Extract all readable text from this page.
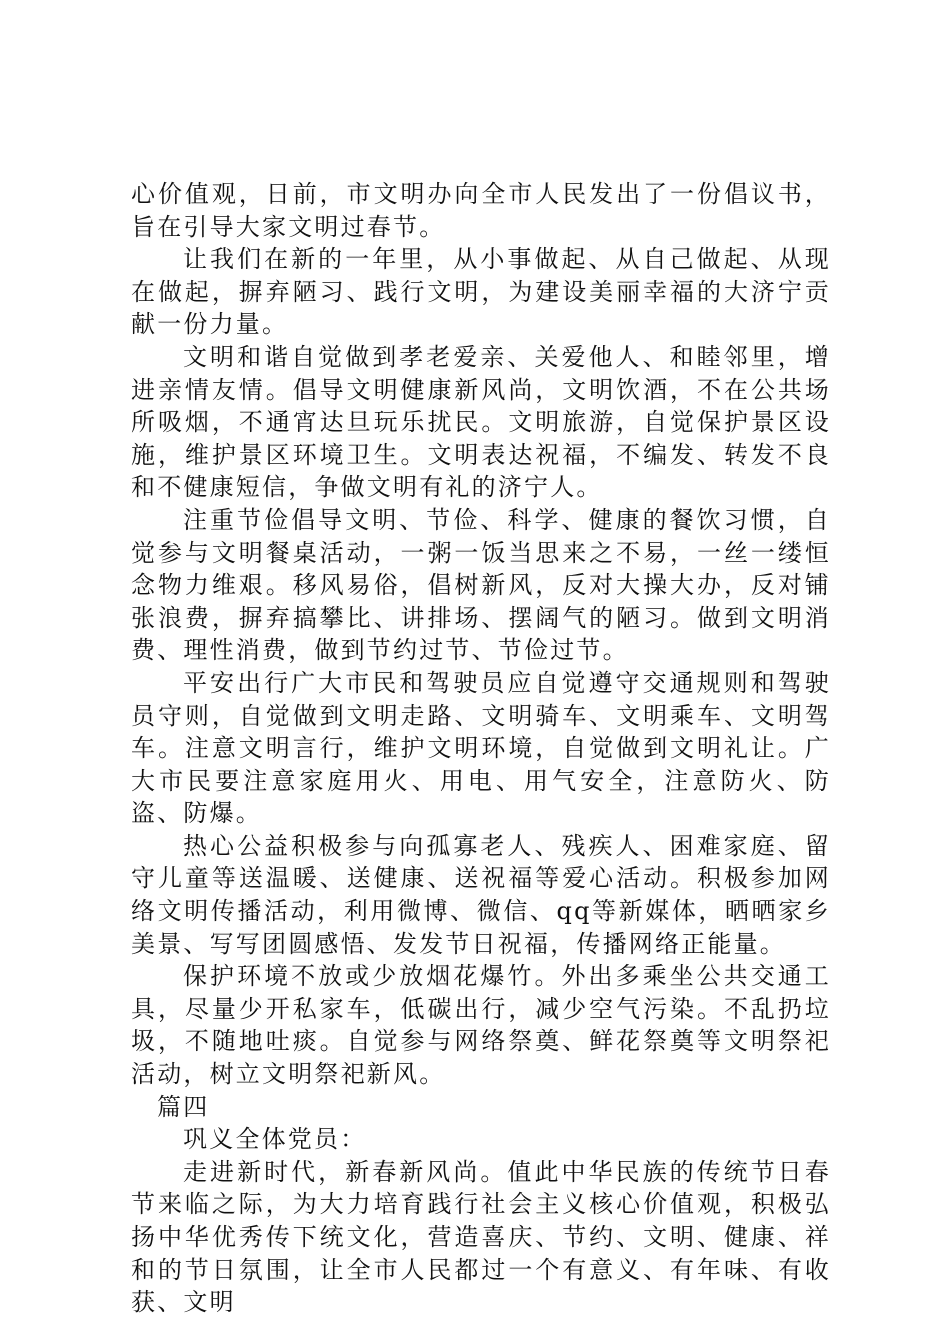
心价值观，日前，市文明办向全市人民发出了一份倡议书，旨在引导大家文明过春节。

让我们在新的一年里，从小事做起、从自己做起、从现在做起，摒弃陋习、践行文明，为建设美丽幸福的大济宁贡献一份力量。

文明和谐自觉做到孝老爱亲、关爱他人、和睦邻里，增进亲情友情。倡导文明健康新风尚，文明饮酒，不在公共场所吸烟，不通宵达旦玩乐扰民。文明旅游，自觉保护景区设施，维护景区环境卫生。文明表达祝福，不编发、转发不良和不健康短信，争做文明有礼的济宁人。

注重节俭倡导文明、节俭、科学、健康的餐饮习惯，自觉参与文明餐桌活动，一粥一饭当思来之不易，一丝一缕恒念物力维艰。移风易俗，倡树新风，反对大操大办，反对铺张浪费，摒弃搞攀比、讲排场、摆阔气的陋习。做到文明消费、理性消费，做到节约过节、节俭过节。

平安出行广大市民和驾驶员应自觉遵守交通规则和驾驶员守则，自觉做到文明走路、文明骑车、文明乘车、文明驾车。注意文明言行，维护文明环境，自觉做到文明礼让。广大市民要注意家庭用火、用电、用气安全，注意防火、防盗、防爆。

热心公益积极参与向孤寡老人、残疾人、困难家庭、留守儿童等送温暖、送健康、送祝福等爱心活动。积极参加网络文明传播活动，利用微博、微信、qq等新媒体，晒晒家乡美景、写写团圆感悟、发发节日祝福，传播网络正能量。

保护环境不放或少放烟花爆竹。外出多乘坐公共交通工具，尽量少开私家车，低碳出行，减少空气污染。不乱扔垃圾，不随地吐痰。自觉参与网络祭奠、鲜花祭奠等文明祭祀活动，树立文明祭祀新风。

篇四

巩义全体党员：

走进新时代，新春新风尚。值此中华民族的传统节日春节来临之际，为大力培育践行社会主义核心价值观，积极弘扬中华优秀传下统文化，营造喜庆、节约、文明、健康、祥和的节日氛围，让全市人民都过一个有意义、有年味、有收获、文明
